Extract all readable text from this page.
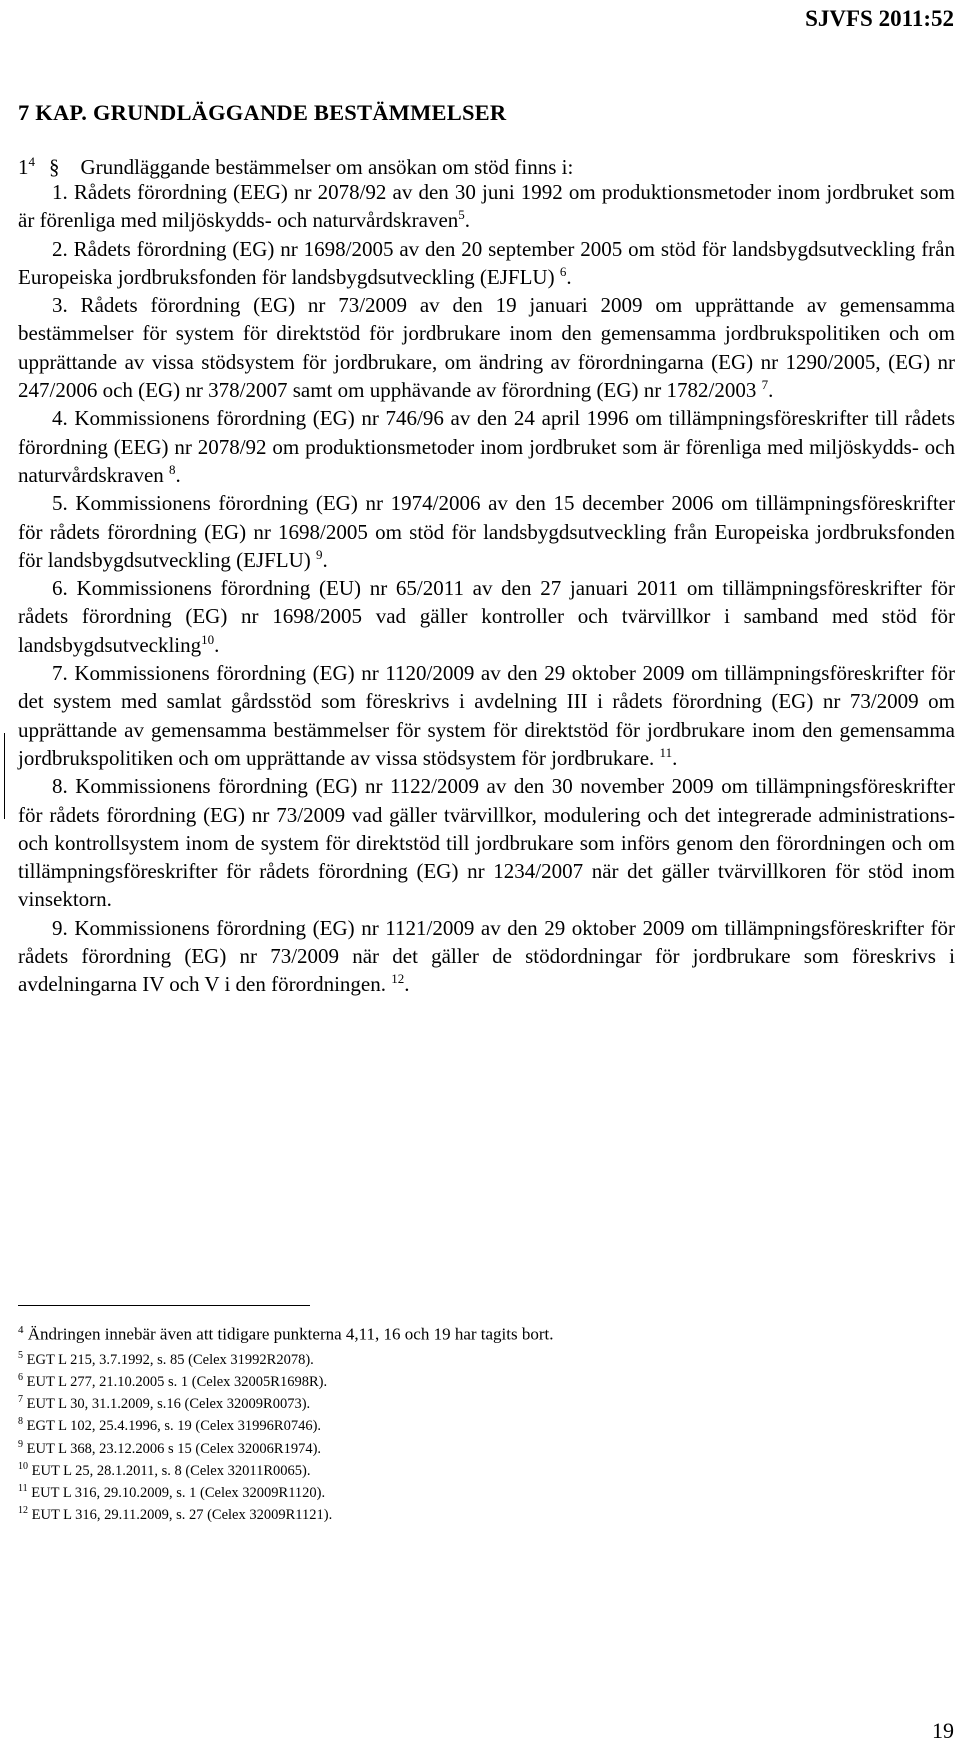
SJVFS 2011:52
7 KAP. GRUNDLÄGGANDE BESTÄMMELSER
$1^4$ § Grundläggande bestämmelser om ansökan om stöd finns i:

1. Rådets förordning (EEG) nr 2078/92 av den 30 juni 1992 om produktionsmetoder inom jordbruket som är förenliga med miljöskydds- och naturvårdskraven$^5$.

2. Rådets förordning (EG) nr 1698/2005 av den 20 september 2005 om stöd för landsbygdsutveckling från Europeiska jordbruksfonden för landsbygdsutveckling (EJFLU) $^6$.

3. Rådets förordning (EG) nr 73/2009 av den 19 januari 2009 om upprättande av gemensamma bestämmelser för system för direktstöd för jordbrukare inom den gemensamma jordbrukspolitiken och om upprättande av vissa stödsystem för jordbrukare, om ändring av förordningarna (EG) nr 1290/2005, (EG) nr 247/2006 och (EG) nr 378/2007 samt om upphävande av förordning (EG) nr 1782/2003 $^7$.

4. Kommissionens förordning (EG) nr 746/96 av den 24 april 1996 om tillämpningsföreskrifter till rådets förordning (EEG) nr 2078/92 om produktionsmetoder inom jordbruket som är förenliga med miljöskydds- och naturvårdskraven $^8$.

5. Kommissionens förordning (EG) nr 1974/2006 av den 15 december 2006 om tillämpningsföreskrifter för rådets förordning (EG) nr 1698/2005 om stöd för landsbygdsutveckling från Europeiska jordbruksfonden för landsbygdsutveckling (EJFLU) $^9$.

6. Kommissionens förordning (EU) nr 65/2011 av den 27 januari 2011 om tillämpningsföreskrifter för rådets förordning (EG) nr 1698/2005 vad gäller kontroller och tvärvillkor i samband med stöd för landsbygdsutveckling$^{10}$.

7. Kommissionens förordning (EG) nr 1120/2009 av den 29 oktober 2009 om tillämpningsföreskrifter för det system med samlat gårdsstöd som föreskrivs i avdelning III i rådets förordning (EG) nr 73/2009 om upprättande av gemensamma bestämmelser för system för direktstöd för jordbrukare inom den gemensamma jordbrukspolitiken och om upprättande av vissa stödsystem för jordbrukare. $^{11}$.

8. Kommissionens förordning (EG) nr 1122/2009 av den 30 november 2009 om tillämpningsföreskrifter för rådets förordning (EG) nr 73/2009 vad gäller tvärvillkor, modulering och det integrerade administrations- och kontrollsystem inom de system för direktstöd till jordbrukare som införs genom den förordningen och om tillämpningsföreskrifter för rådets förordning (EG) nr 1234/2007 när det gäller tvärvillkoren för stöd inom vinsektorn.

9. Kommissionens förordning (EG) nr 1121/2009 av den 29 oktober 2009 om tillämpningsföreskrifter för rådets förordning (EG) nr 73/2009 när det gäller de stödordningar för jordbrukare som föreskrivs i avdelningarna IV och V i den förordningen. $^{12}$.

$^4$ Ändringen innebär även att tidigare punkterna 4,11, 16 och 19 har tagits bort.
$^5$ EGT L 215, 3.7.1992, s. 85 (Celex 31992R2078).
$^6$ EUT L 277, 21.10.2005 s. 1 (Celex 32005R1698R).
$^7$ EUT L 30, 31.1.2009, s.16 (Celex 32009R0073).
$^8$ EGT L 102, 25.4.1996, s. 19 (Celex 31996R0746).
$^9$ EUT L 368, 23.12.2006 s 15 (Celex 32006R1974).
$^{10}$ EUT L 25, 28.1.2011, s. 8 (Celex 32011R0065).
$^{11}$ EUT L 316, 29.10.2009, s. 1 (Celex 32009R1120).
$^{12}$ EUT L 316, 29.11.2009, s. 27 (Celex 32009R1121).
19
